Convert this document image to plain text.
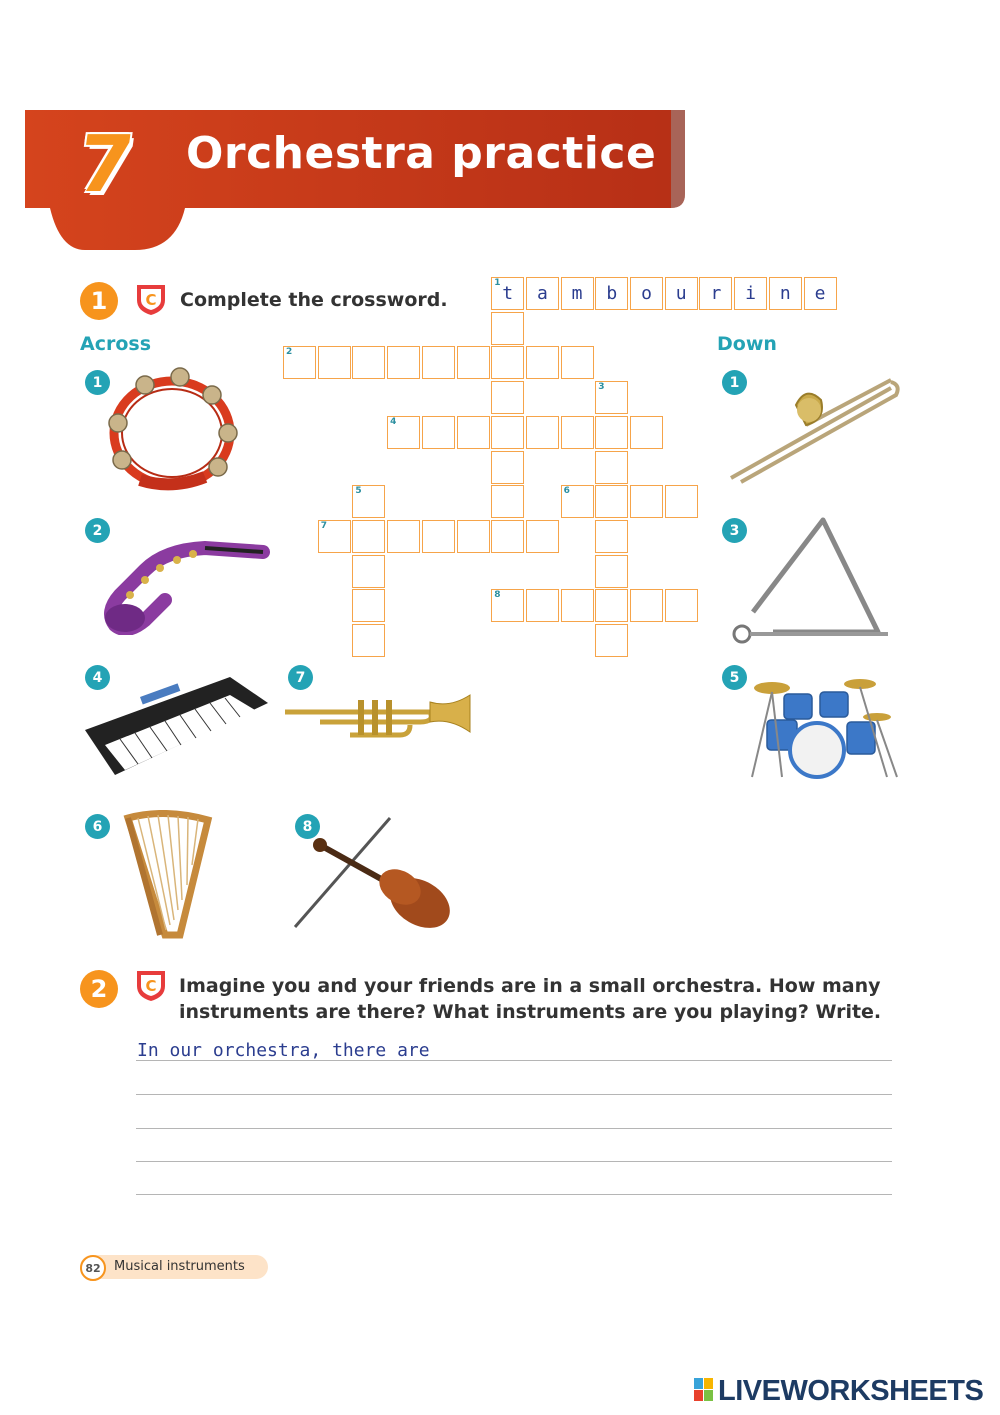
7 Orchestra practice
1	C Complete the crossword.
Across	Down
1 t	a	m	b	o	u	r	i	n	e
2
3
4
5	6
7
8
1
2
4	7
6	8
1
3
5
2	C Imagine you and your friends are in a small orchestra. How many
instruments are there? What instruments are you playing? Write.
In our orchestra, there are
82	Musical instruments
LIVEWORKSHEETS
